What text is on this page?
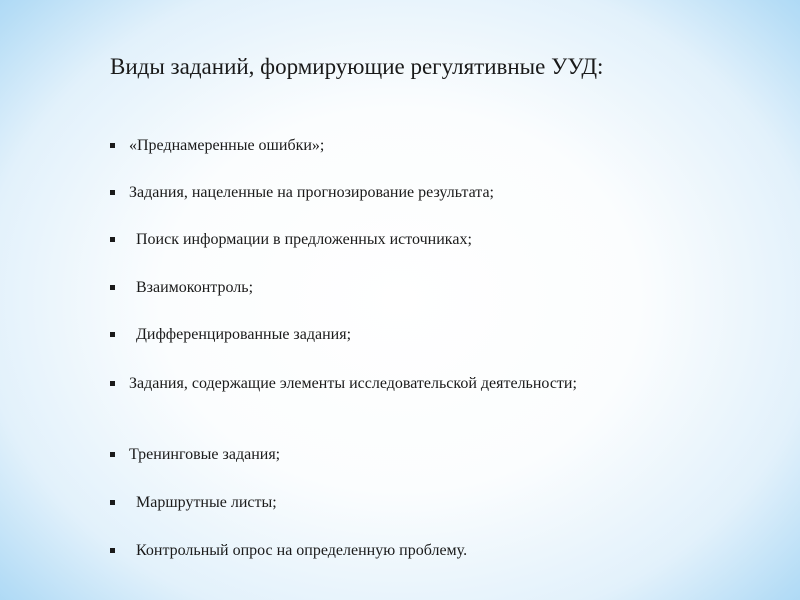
Виды заданий, формирующие регулятивные УУД:
«Преднамеренные ошибки»;
Задания, нацеленные на прогнозирование результата;
Поиск информации в предложенных источниках;
Взаимоконтроль;
Дифференцированные задания;
Задания, содержащие элементы исследовательской деятельности;
Тренинговые задания;
Маршрутные листы;
Контрольный опрос на определенную проблему.
